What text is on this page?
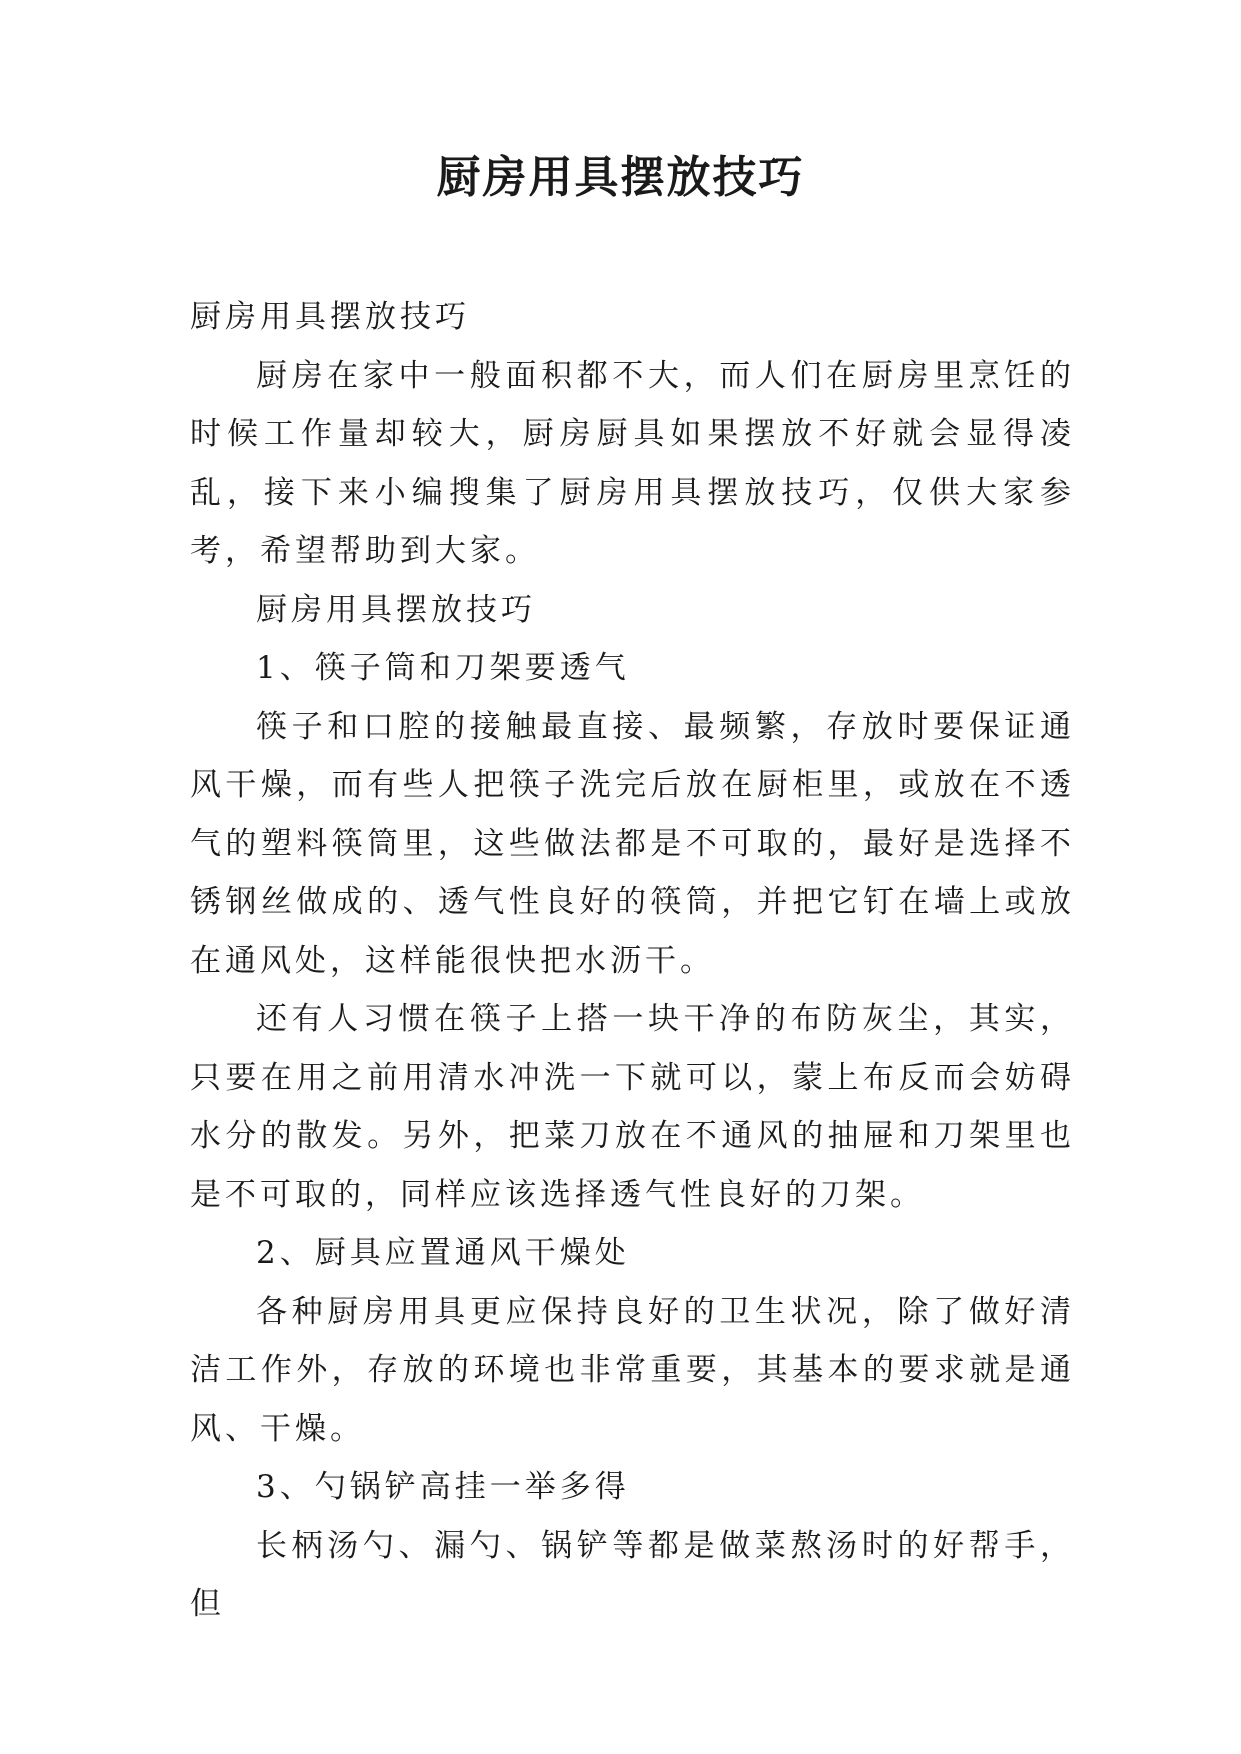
厨房用具摆放技巧

厨房用具摆放技巧

厨房在家中一般面积都不大，而人们在厨房里烹饪的时候工作量却较大，厨房厨具如果摆放不好就会显得凌乱，接下来小编搜集了厨房用具摆放技巧，仅供大家参考，希望帮助到大家。

厨房用具摆放技巧

1、筷子筒和刀架要透气

筷子和口腔的接触最直接、最频繁，存放时要保证通风干燥，而有些人把筷子洗完后放在厨柜里，或放在不透气的塑料筷筒里，这些做法都是不可取的，最好是选择不锈钢丝做成的、透气性良好的筷筒，并把它钉在墙上或放在通风处，这样能很快把水沥干。

还有人习惯在筷子上搭一块干净的布防灰尘，其实，只要在用之前用清水冲洗一下就可以，蒙上布反而会妨碍水分的散发。另外，把菜刀放在不通风的抽屉和刀架里也是不可取的，同样应该选择透气性良好的刀架。

2、厨具应置通风干燥处

各种厨房用具更应保持良好的卫生状况，除了做好清洁工作外，存放的环境也非常重要，其基本的要求就是通风、干燥。

3、勺锅铲高挂一举多得

长柄汤勺、漏勺、锅铲等都是做菜熬汤时的好帮手，但
